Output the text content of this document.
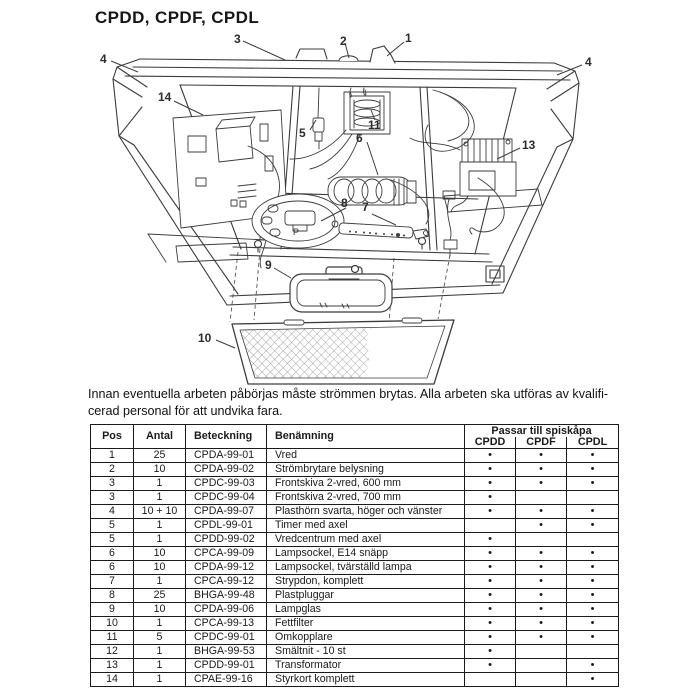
CPDD, CPDF, CPDL
P
3	2	1
4	4
14
13
5
11
6
8 7
9
10

Innan eventuella arbeten påbörjas måste strömmen brytas. Alla arbeten ska utföras av kvalifi-
cerad personal för att undvika fara.

Pos	Antal	Beteckning	Benämning	Passar till spiskåpa		
				CPDD	CPDF	CPDL
1	25	CPDA-99-01	Vred	•	•	•
2	10	CPDA-99-02	Strömbrytare belysning	•	•	•
3	1	CPDC-99-03	Frontskiva 2-vred, 600 mm	•	•	•
3	1	CPDC-99-04	Frontskiva 2-vred, 700 mm	•		
4	10 + 10	CPDA-99-07	Plasthörn svarta, höger och vänster	•	•	•
5	1	CPDL-99-01	Timer med axel		•	•
5	1	CPDD-99-02	Vredcentrum med axel	•		
6	10	CPCA-99-09	Lampsockel, E14 snäpp	•	•	•
6	10	CPDA-99-12	Lampsockel, tvärställd lampa	•	•	•
7	1	CPCA-99-12	Strypdon, komplett	•	•	•
8	25	BHGA-99-48	Plastpluggar	•	•	•
9	10	CPDA-99-06	Lampglas	•	•	•
10	1	CPCA-99-13	Fettfilter	•	•	•
11	5	CPDC-99-01	Omkopplare	•	•	•
12	1	BHGA-99-53	Smältnit - 10 st	•		
13	1	CPDD-99-01	Transformator	•		•
14	1	CPAE-99-16	Styrkort komplett			•
